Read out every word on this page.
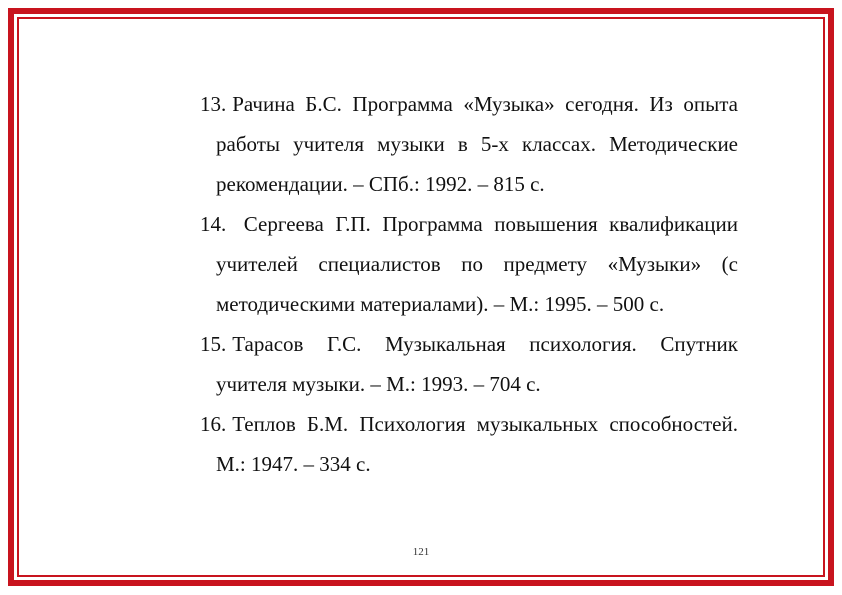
13. Рачина Б.С. Программа «Музыка» сегодня. Из опыта работы учителя музыки в 5-х классах. Методические рекомендации. – СПб.: 1992. – 815 с.
14. Сергеева Г.П. Программа повышения квалификации учителей специалистов по предмету «Музыки» (с методическими материалами). – М.: 1995. – 500 с.
15. Тарасов Г.С. Музыкальная психология. Спутник учителя музыки. – М.: 1993. – 704 с.
16. Теплов Б.М. Психология музыкальных способностей. М.: 1947. – 334 с.
121
